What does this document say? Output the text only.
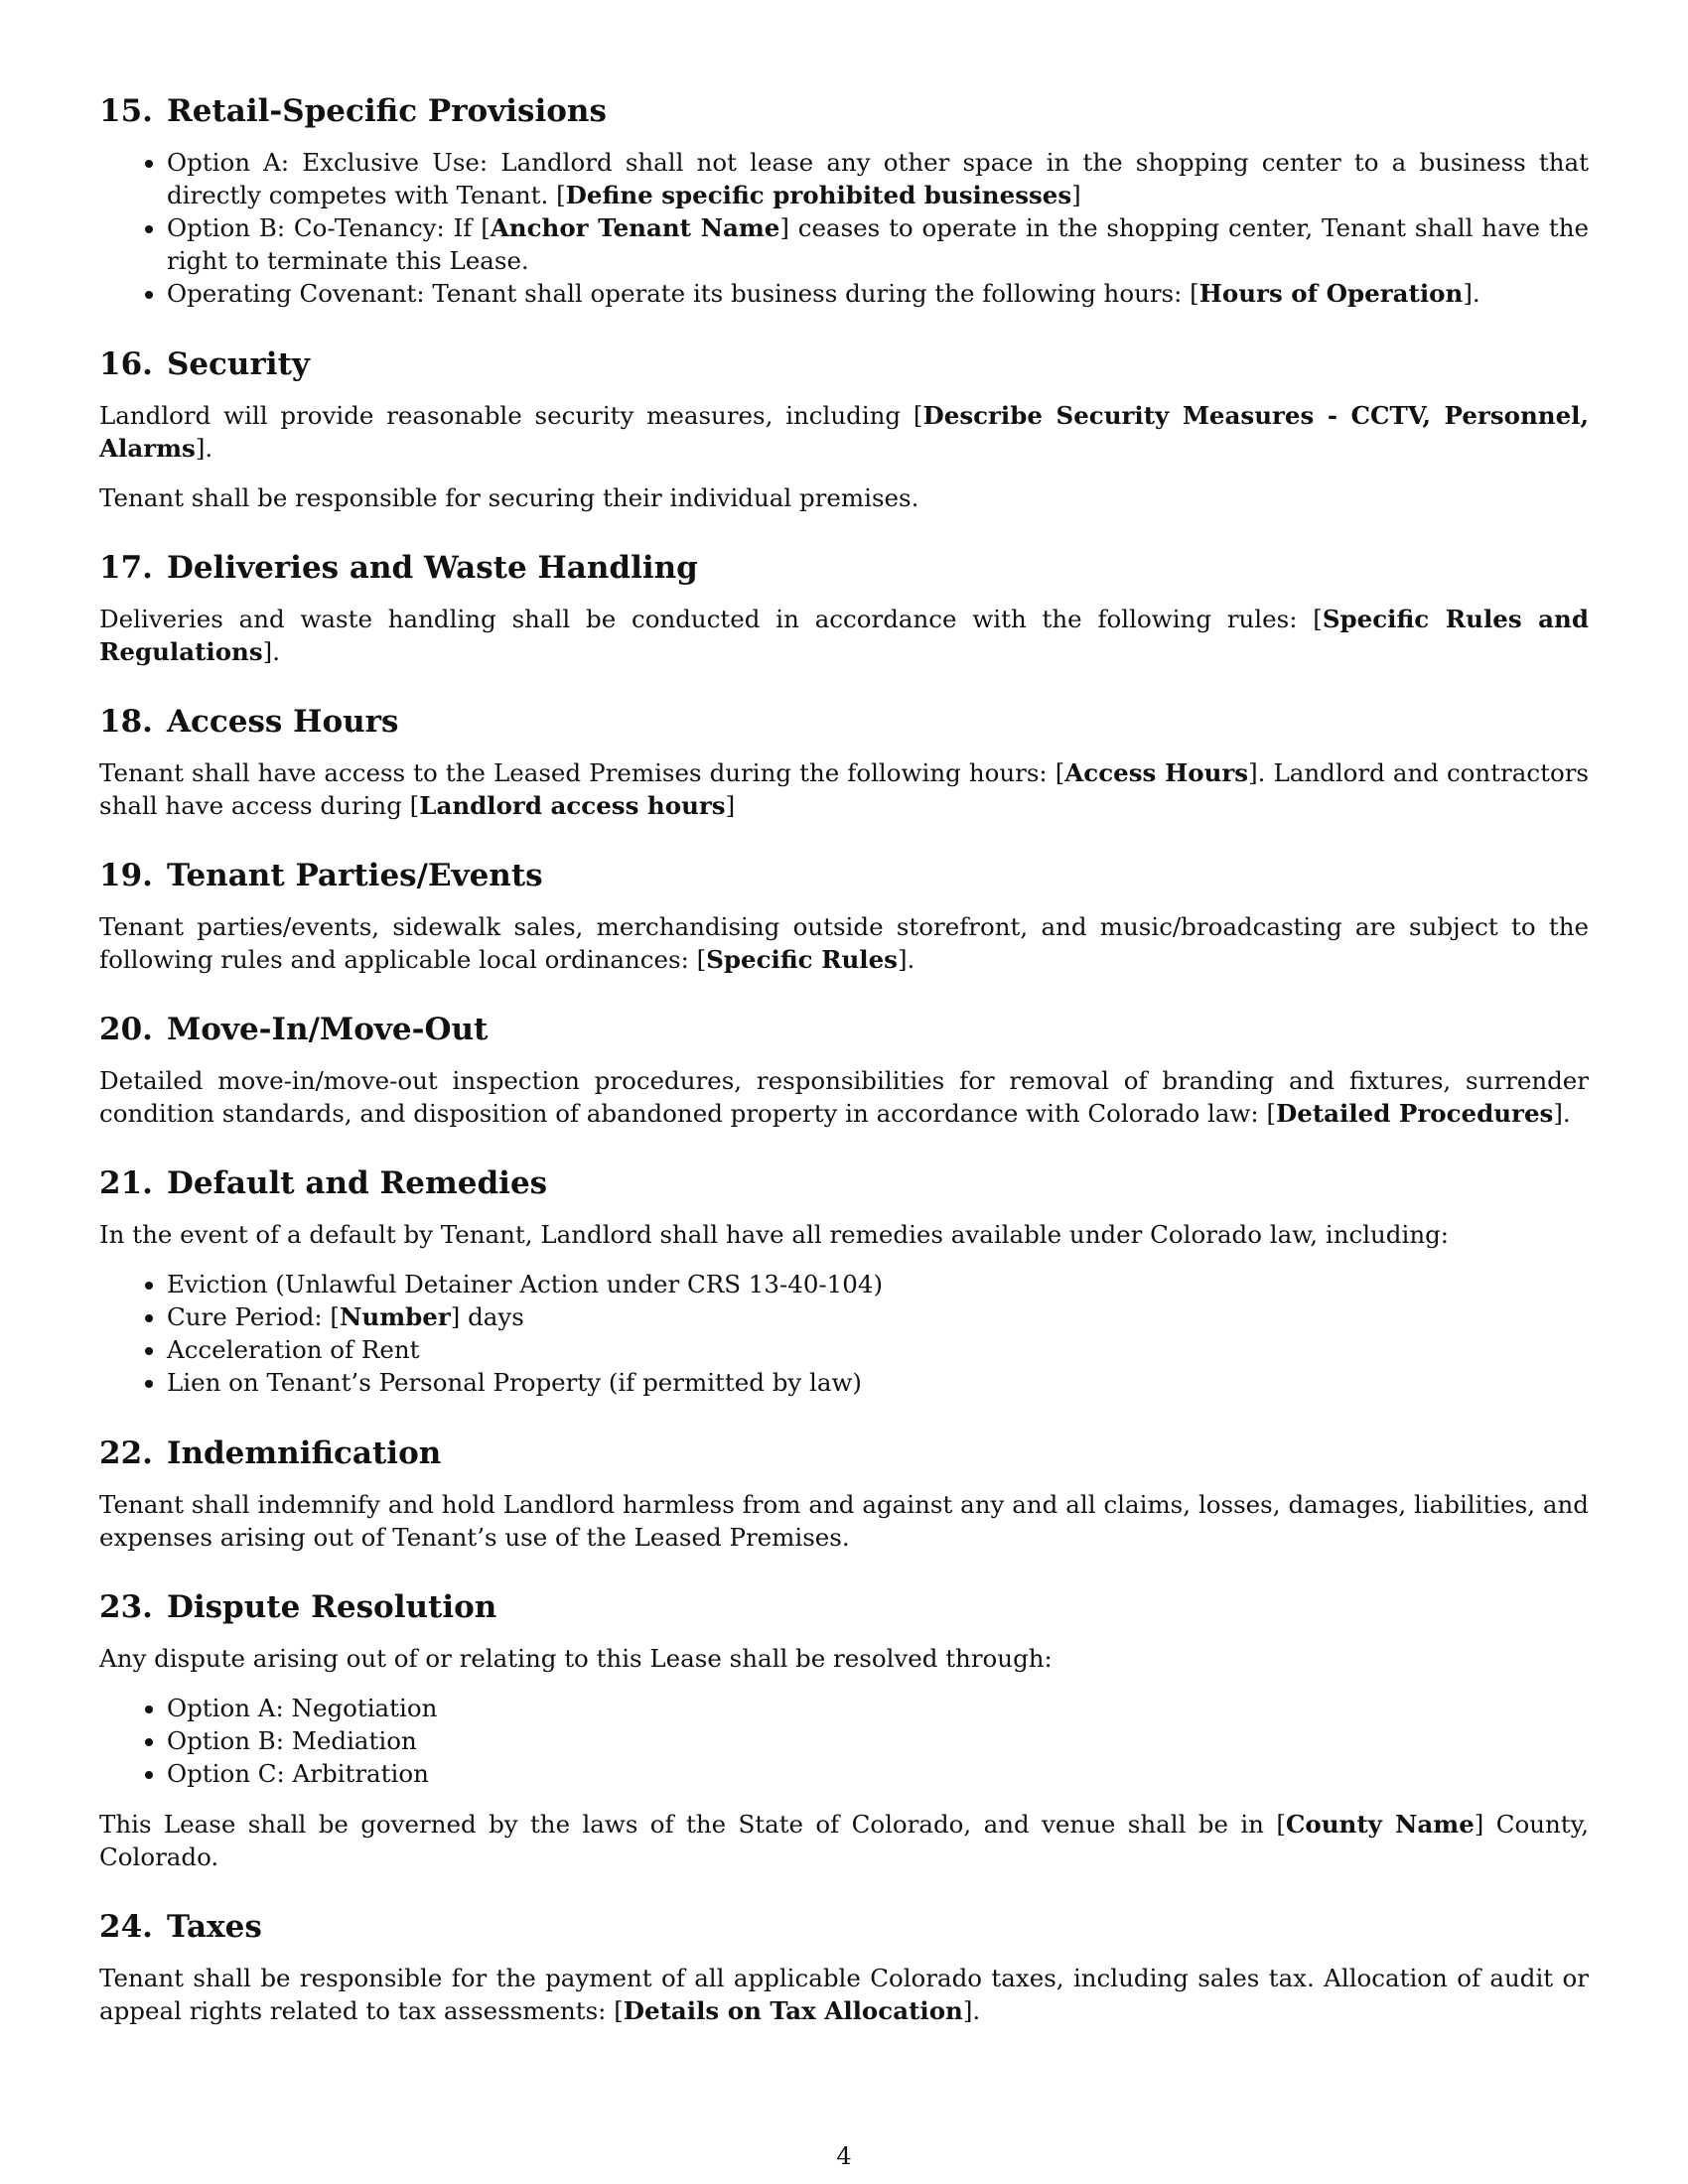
15. Retail-Specific Provisions
• Option A: Exclusive Use: Landlord shall not lease any other space in the shopping center to a business that directly competes with Tenant. [Define specific prohibited businesses]
• Option B: Co-Tenancy: If [Anchor Tenant Name] ceases to operate in the shopping center, Tenant shall have the right to terminate this Lease.
• Operating Covenant: Tenant shall operate its business during the following hours: [Hours of Operation].
16. Security

Landlord will provide reasonable security measures, including [Describe Security Measures - CCTV, Personnel, Alarms].

Tenant shall be responsible for securing their individual premises.

17. Deliveries and Waste Handling

Deliveries and waste handling shall be conducted in accordance with the following rules: [Specific Rules and Regulations].

18. Access Hours

Tenant shall have access to the Leased Premises during the following hours: [Access Hours]. Landlord and contractors shall have access during [Landlord access hours]

19. Tenant Parties/Events

Tenant parties/events, sidewalk sales, merchandising outside storefront, and music/broadcasting are subject to the following rules and applicable local ordinances: [Specific Rules].

20. Move-In/Move-Out

Detailed move-in/move-out inspection procedures, responsibilities for removal of branding and fixtures, surrender condition standards, and disposition of abandoned property in accordance with Colorado law: [Detailed Procedures].

21. Default and Remedies

In the event of a default by Tenant, Landlord shall have all remedies available under Colorado law, including:

• Eviction (Unlawful Detainer Action under CRS 13-40-104)
• Cure Period: [Number] days
• Acceleration of Rent
• Lien on Tenant’s Personal Property (if permitted by law)
22. Indemnification

Tenant shall indemnify and hold Landlord harmless from and against any and all claims, losses, damages, liabilities, and expenses arising out of Tenant’s use of the Leased Premises.

23. Dispute Resolution

Any dispute arising out of or relating to this Lease shall be resolved through:

• Option A: Negotiation
• Option B: Mediation
• Option C: Arbitration

This Lease shall be governed by the laws of the State of Colorado, and venue shall be in [County Name] County, Colorado.

24. Taxes

Tenant shall be responsible for the payment of all applicable Colorado taxes, including sales tax. Allocation of audit or appeal rights related to tax assessments: [Details on Tax Allocation].

4
